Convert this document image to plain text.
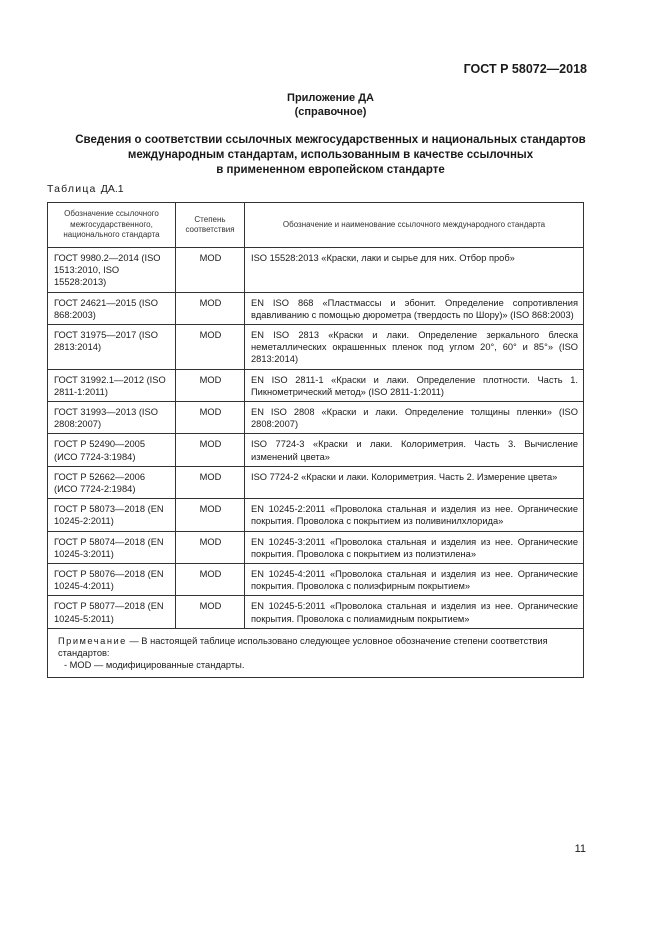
ГОСТ Р 58072—2018
Приложение ДА
(справочное)
Сведения о соответствии ссылочных межгосударственных и национальных стандартов
международным стандартам, использованным в качестве ссылочных
в примененном европейском стандарте
Таблица ДА.1
Обозначение ссылочного межгосударственного, национального стандарта	Степень соответствия	Обозначение и наименование ссылочного международного стандарта
ГОСТ 9980.2—2014 (ISO 1513:2010, ISO 15528:2013)	MOD	ISO 15528:2013 «Краски, лаки и сырье для них. Отбор проб»
ГОСТ 24621—2015 (ISO 868:2003)	MOD	EN ISO 868 «Пластмассы и эбонит. Определение сопротивления вдавливанию с помощью дюрометра (твердость по Шору)» (ISO 868:2003)
ГОСТ 31975—2017 (ISO 2813:2014)	MOD	EN ISO 2813 «Краски и лаки. Определение зеркального блеска неметаллических окрашенных пленок под углом 20°, 60° и 85°» (ISO 2813:2014)
ГОСТ 31992.1—2012 (ISO 2811-1:2011)	MOD	EN ISO 2811-1 «Краски и лаки. Определение плотности. Часть 1. Пикнометрический метод» (ISO 2811-1:2011)
ГОСТ 31993—2013 (ISO 2808:2007)	MOD	EN ISO 2808 «Краски и лаки. Определение толщины пленки» (ISO 2808:2007)
ГОСТ Р 52490—2005 (ИСО 7724-3:1984)	MOD	ISO 7724-3 «Краски и лаки. Колориметрия. Часть 3. Вычисление изменений цвета»
ГОСТ Р 52662—2006 (ИСО 7724-2:1984)	MOD	ISO 7724-2 «Краски и лаки. Колориметрия. Часть 2. Измерение цвета»
ГОСТ Р 58073—2018 (EN 10245-2:2011)	MOD	EN 10245-2:2011 «Проволока стальная и изделия из нее. Органические покрытия. Проволока с покрытием из поливинилхлорида»
ГОСТ Р 58074—2018 (EN 10245-3:2011)	MOD	EN 10245-3:2011 «Проволока стальная и изделия из нее. Органические покрытия. Проволока с покрытием из полиэтилена»
ГОСТ Р 58076—2018 (EN 10245-4:2011)	MOD	EN 10245-4:2011 «Проволока стальная и изделия из нее. Органические покрытия. Проволока с полиэфирным покрытием»
ГОСТ Р 58077—2018 (EN 10245-5:2011)	MOD	EN 10245-5:2011 «Проволока стальная и изделия из нее. Органические покрытия. Проволока с полиамидным покрытием»
Примечание — В настоящей таблице использовано следующее условное обозначение степени соответствия стандартов:
- MOD — модифицированные стандарты.		
11
